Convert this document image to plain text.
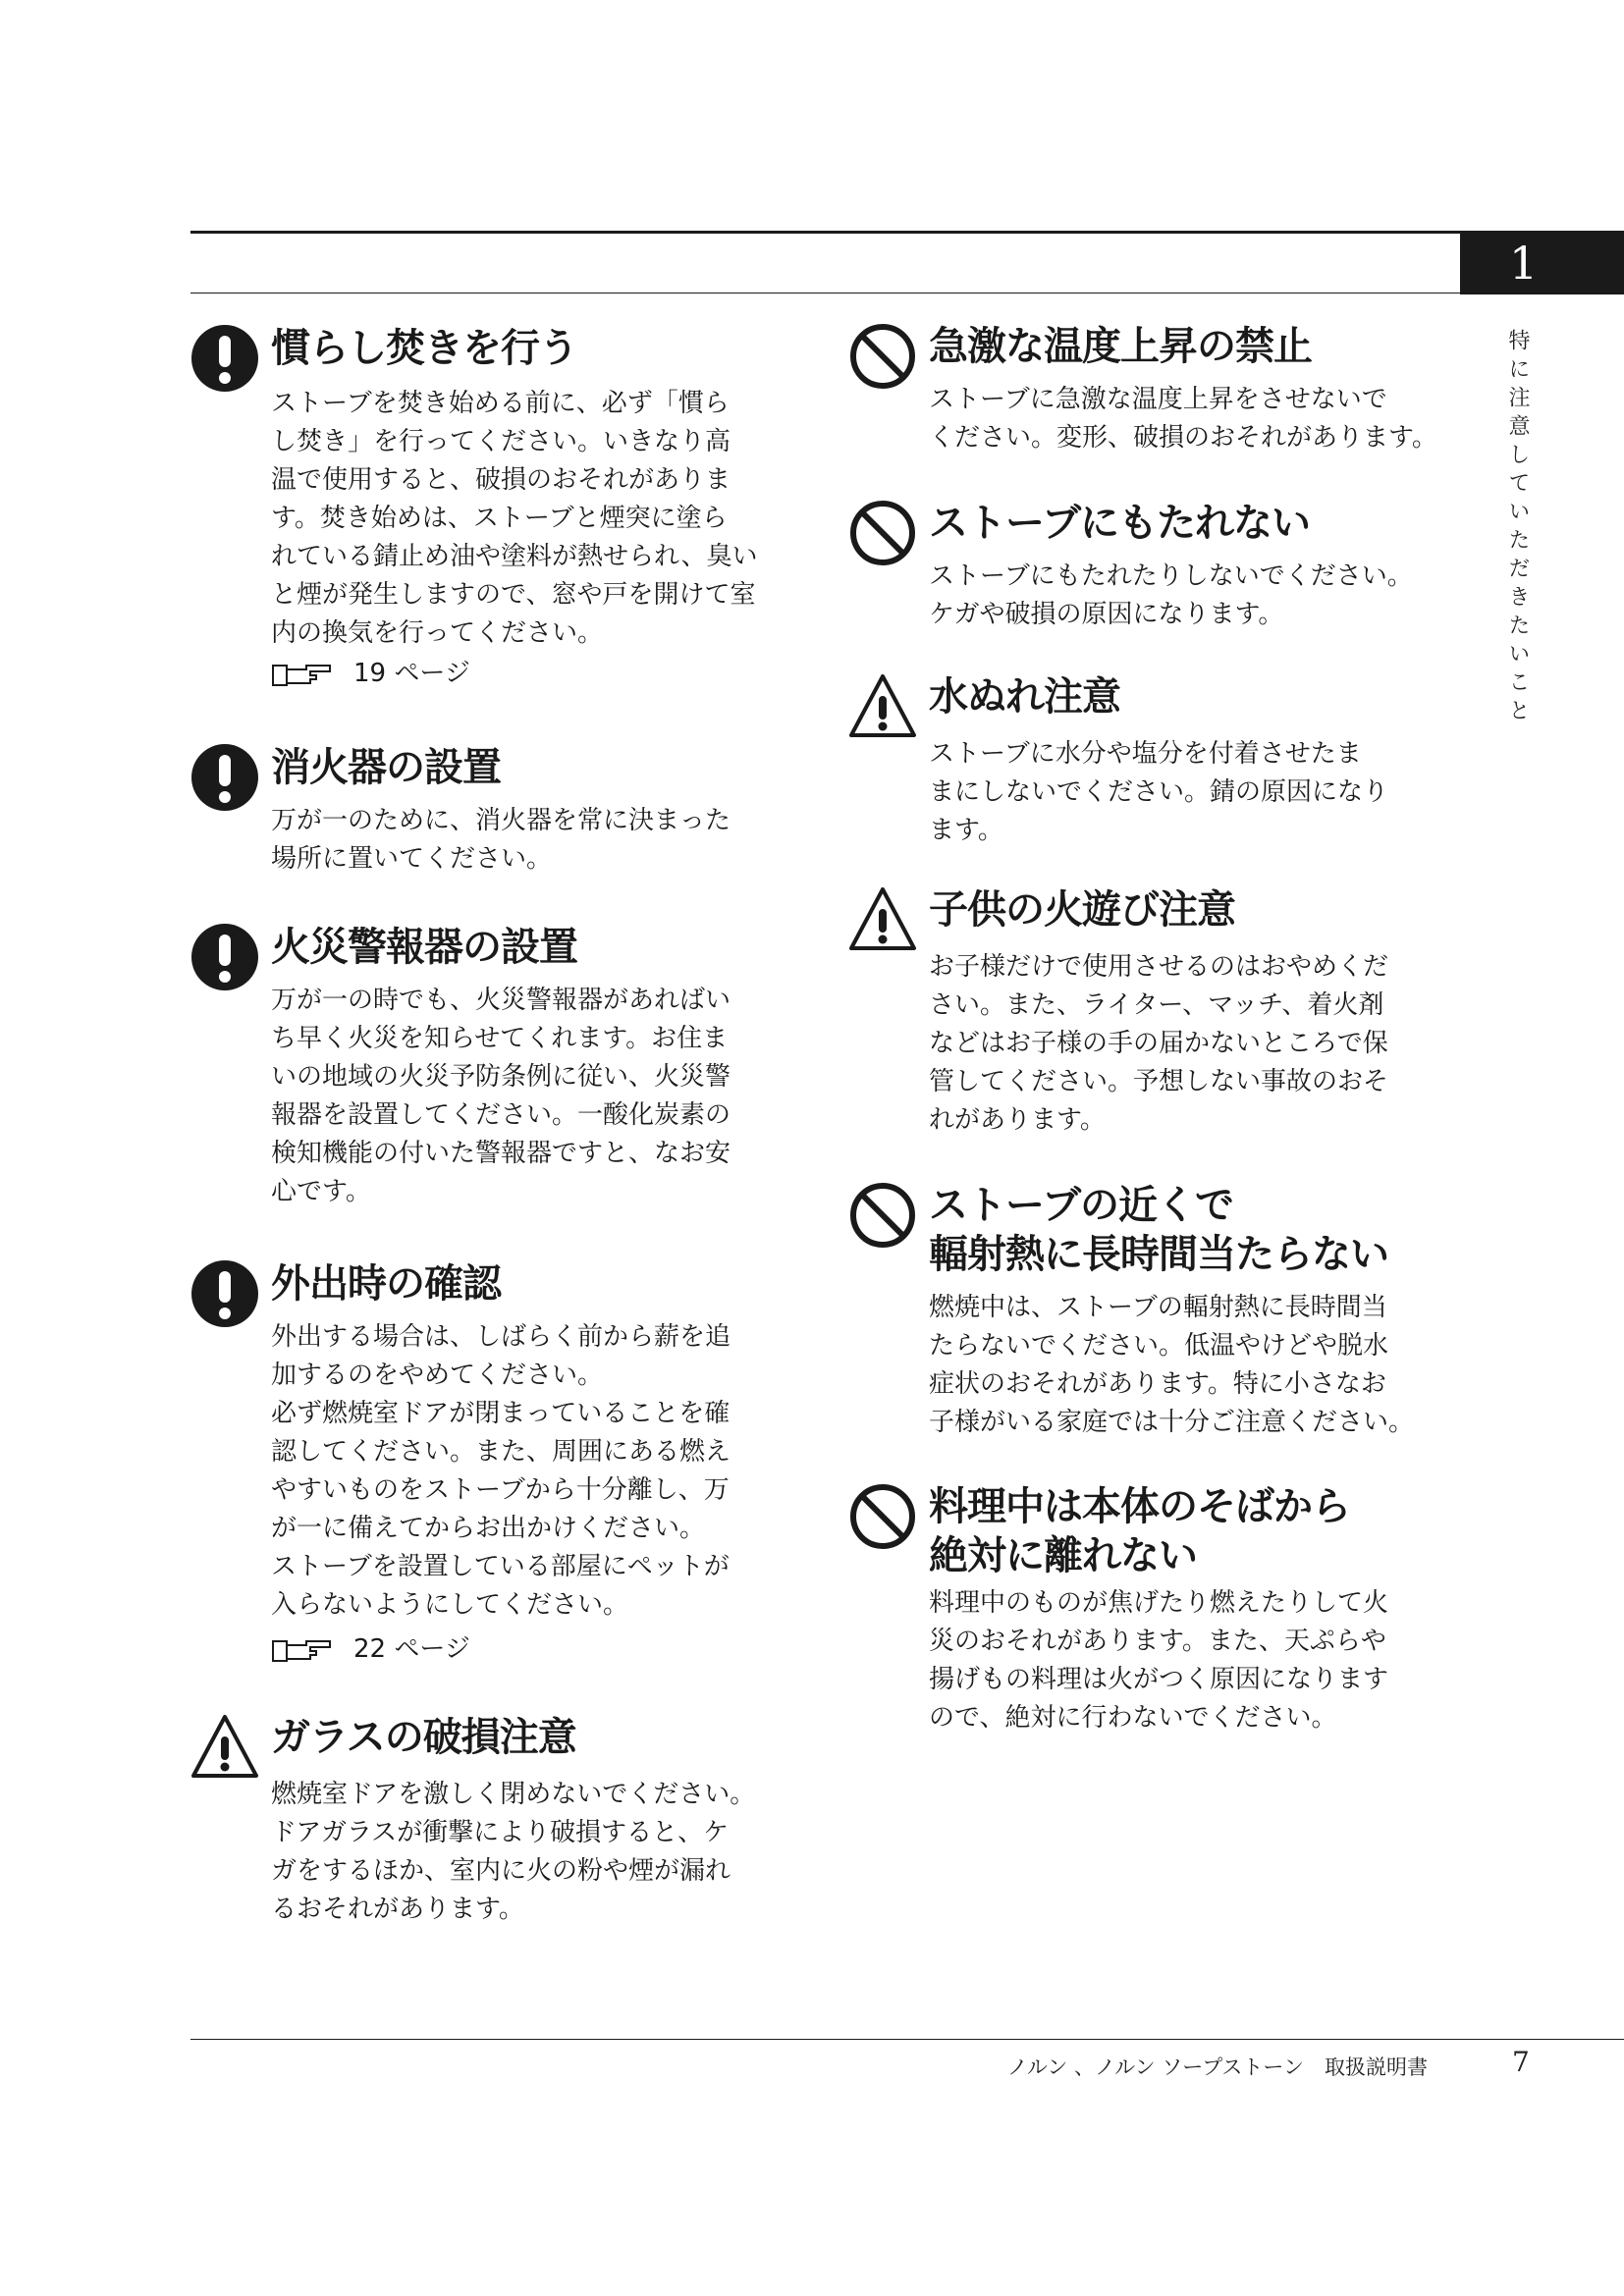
1
特に注意していただきたいこと
慣らし焚きを行う

ストーブを焚き始める前に、必ず「慣ら

し焚き」を行ってください。いきなり高

温で使用すると、破損のおそれがありま

す。焚き始めは、ストーブと煙突に塗ら

れている錆止め油や塗料が熱せられ、臭い

と煙が発生しますので、窓や戸を開けて室

内の換気を行ってください。

19 ページ
消火器の設置

万が一のために、消火器を常に決まった

場所に置いてください。

火災警報器の設置

万が一の時でも、火災警報器があればい

ち早く火災を知らせてくれます。お住ま

いの地域の火災予防条例に従い、火災警

報器を設置してください。一酸化炭素の

検知機能の付いた警報器ですと、なお安

心です。

外出時の確認

外出する場合は、しばらく前から薪を追

加するのをやめてください。

必ず燃焼室ドアが閉まっていることを確

認してください。また、周囲にある燃え

やすいものをストーブから十分離し、万

が一に備えてからお出かけください。

ストーブを設置している部屋にペットが

入らないようにしてください。

22 ページ
ガラスの破損注意

燃焼室ドアを激しく閉めないでください。

ドアガラスが衝撃により破損すると、ケ

ガをするほか、室内に火の粉や煙が漏れ

るおそれがあります。

急激な温度上昇の禁止

ストーブに急激な温度上昇をさせないで

ください。変形、破損のおそれがあります。

ストーブにもたれない

ストーブにもたれたりしないでください。

ケガや破損の原因になります。

水ぬれ注意

ストーブに水分や塩分を付着させたま

まにしないでください。錆の原因になり

ます。

子供の火遊び注意

お子様だけで使用させるのはおやめくだ

さい。また、ライター、マッチ、着火剤

などはお子様の手の届かないところで保

管してください。予想しない事故のおそ

れがあります。

ストーブの近くで
輻射熱に長時間当たらない

燃焼中は、ストーブの輻射熱に長時間当

たらないでください。低温やけどや脱水

症状のおそれがあります。特に小さなお

子様がいる家庭では十分ご注意ください。

料理中は本体のそばから
絶対に離れない

料理中のものが焦げたり燃えたりして火

災のおそれがあります。また、天ぷらや

揚げもの料理は火がつく原因になります

ので、絶対に行わないでください。

ノルン 、ノルン ソープストーン　取扱説明書	7
